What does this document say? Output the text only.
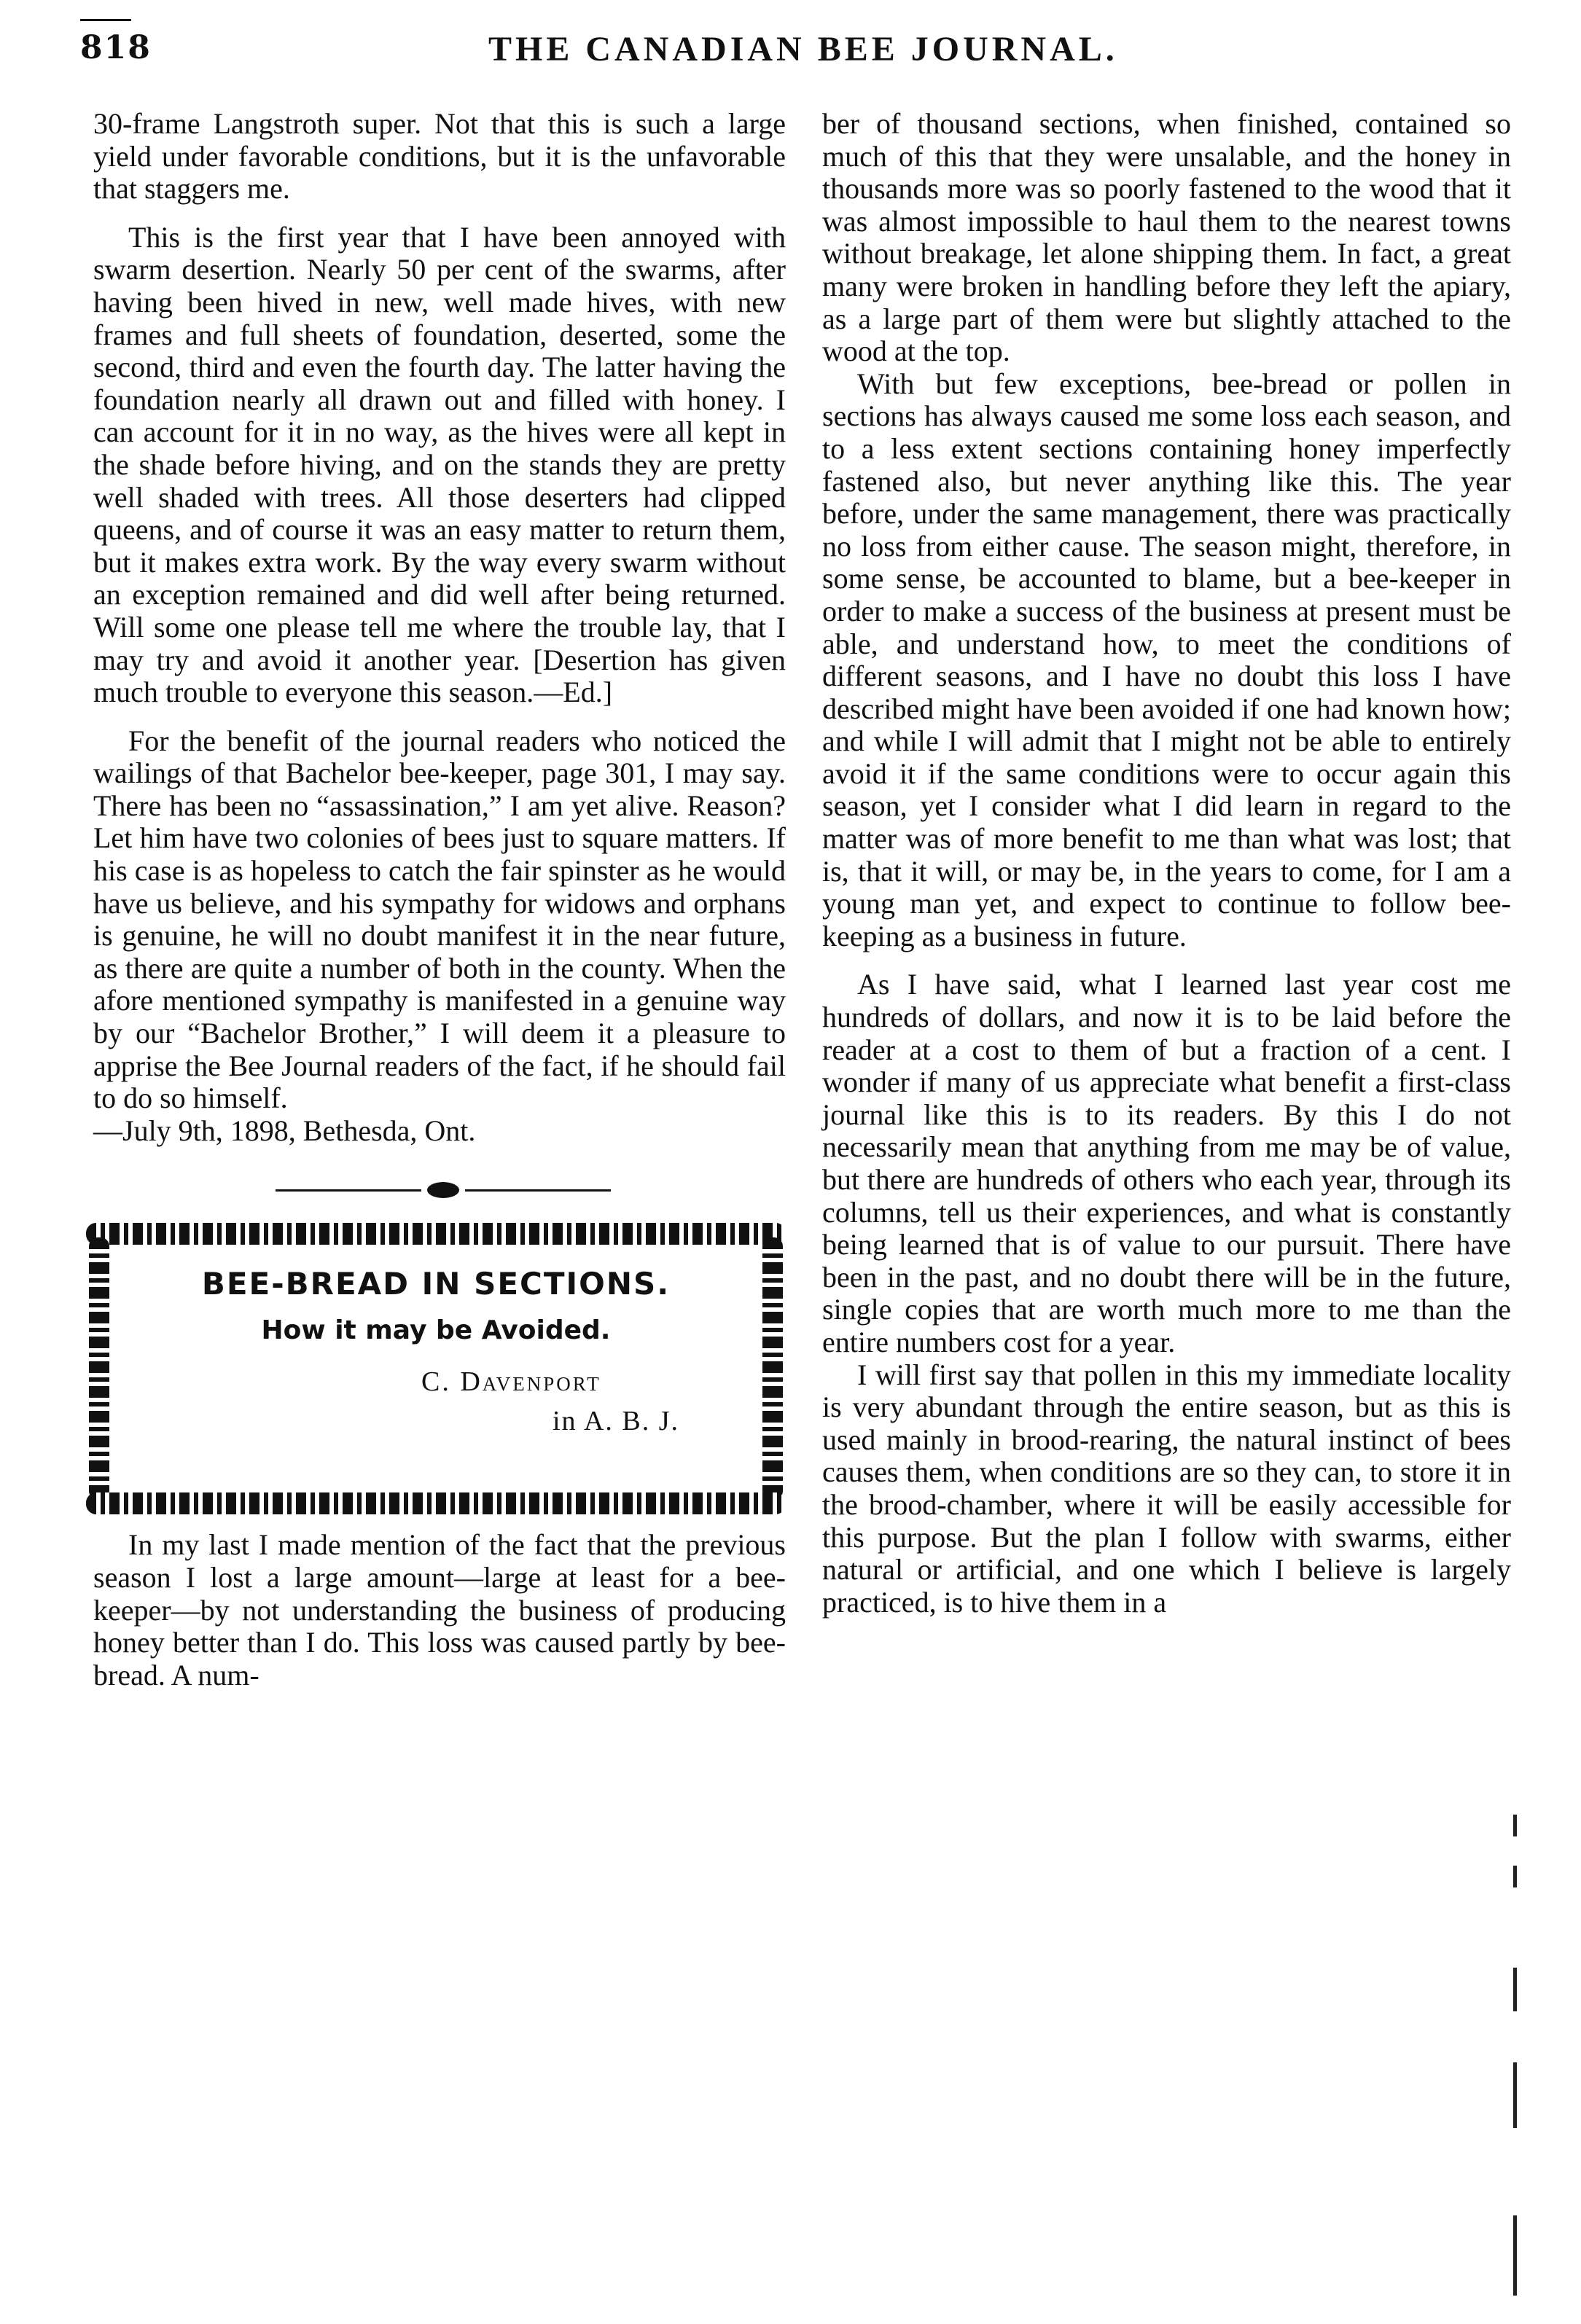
818	THE CANADIAN BEE JOURNAL.

30-frame Langstroth super. Not that this is such a large yield under favorable conditions, but it is the unfavorable that staggers me.

This is the first year that I have been annoyed with swarm desertion. Nearly 50 per cent of the swarms, after having been hived in new, well made hives, with new frames and full sheets of foundation, deserted, some the second, third and even the fourth day. The latter having the foundation nearly all drawn out and filled with honey. I can account for it in no way, as the hives were all kept in the shade before hiving, and on the stands they are pretty well shaded with trees. All those deserters had clipped queens, and of course it was an easy matter to return them, but it makes extra work. By the way every swarm without an exception remained and did well after being returned. Will some one please tell me where the trouble lay, that I may try and avoid it another year. [Desertion has given much trouble to everyone this season.—Ed.]

For the benefit of the journal readers who noticed the wailings of that Bachelor bee-keeper, page 301, I may say. There has been no “assassination,” I am yet alive. Reason? Let him have two colonies of bees just to square matters. If his case is as hopeless to catch the fair spinster as he would have us believe, and his sympathy for widows and orphans is genuine, he will no doubt manifest it in the near future, as there are quite a number of both in the county. When the afore mentioned sympathy is manifested in a genuine way by our “Bachelor Brother,” I will deem it a pleasure to apprise the Bee Journal readers of the fact, if he should fail to do so himself.

—July 9th, 1898, Bethesda, Ont.

BEE-BREAD IN SECTIONS.
How it may be Avoided.
C. Davenport
in A. B. J.

In my last I made mention of the fact that the previous season I lost a large amount—large at least for a bee-keeper—by not understanding the business of producing honey better than I do. This loss was caused partly by bee-bread. A num-

ber of thousand sections, when finished, contained so much of this that they were unsalable, and the honey in thousands more was so poorly fastened to the wood that it was almost impossible to haul them to the nearest towns without breakage, let alone shipping them. In fact, a great many were broken in handling before they left the apiary, as a large part of them were but slightly attached to the wood at the top.

With but few exceptions, bee-bread or pollen in sections has always caused me some loss each season, and to a less extent sections containing honey imperfectly fastened also, but never anything like this. The year before, under the same management, there was practically no loss from either cause. The season might, therefore, in some sense, be accounted to blame, but a bee-keeper in order to make a success of the business at present must be able, and understand how, to meet the conditions of different seasons, and I have no doubt this loss I have described might have been avoided if one had known how; and while I will admit that I might not be able to entirely avoid it if the same conditions were to occur again this season, yet I consider what I did learn in regard to the matter was of more benefit to me than what was lost; that is, that it will, or may be, in the years to come, for I am a young man yet, and expect to continue to follow bee-keeping as a business in future.

As I have said, what I learned last year cost me hundreds of dollars, and now it is to be laid before the reader at a cost to them of but a fraction of a cent. I wonder if many of us appreciate what benefit a first-class journal like this is to its readers. By this I do not necessarily mean that anything from me may be of value, but there are hundreds of others who each year, through its columns, tell us their experiences, and what is constantly being learned that is of value to our pursuit. There have been in the past, and no doubt there will be in the future, single copies that are worth much more to me than the entire numbers cost for a year.

I will first say that pollen in this my immediate locality is very abundant through the entire season, but as this is used mainly in brood-rearing, the natural instinct of bees causes them, when conditions are so they can, to store it in the brood-chamber, where it will be easily accessible for this purpose. But the plan I follow with swarms, either natural or artificial, and one which I believe is largely practiced, is to hive them in a
